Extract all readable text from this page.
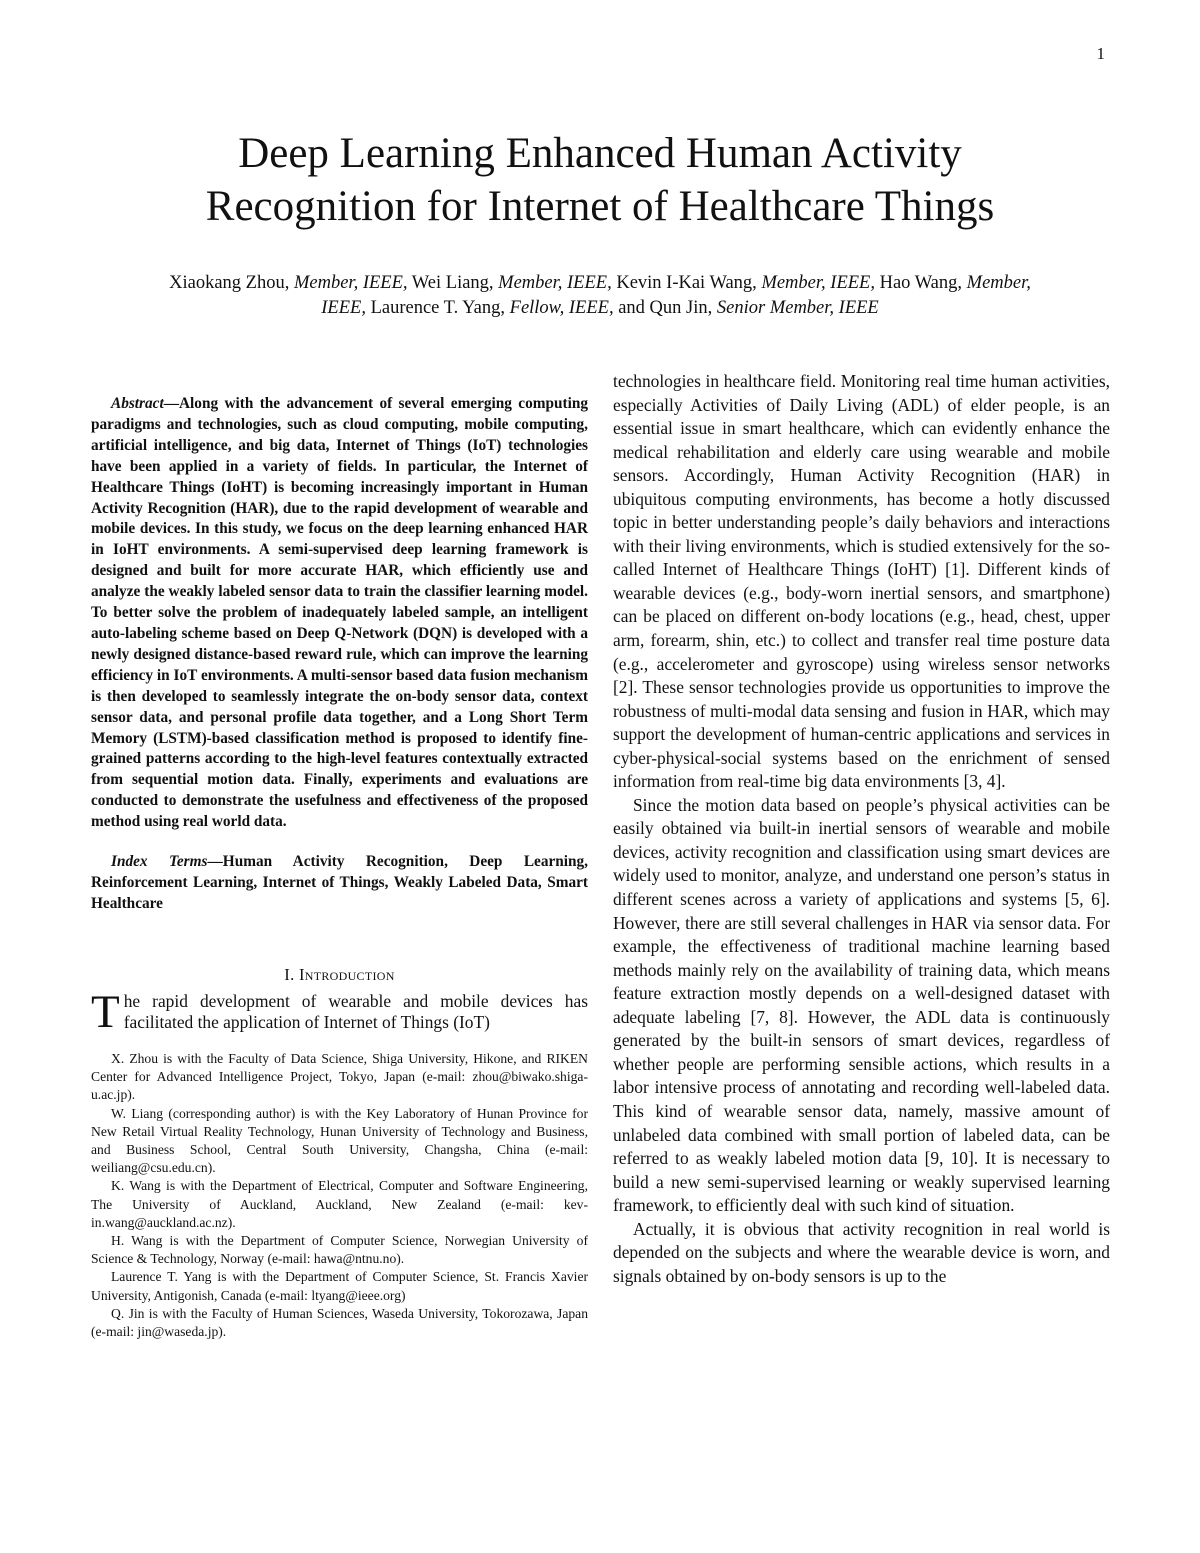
1
Deep Learning Enhanced Human Activity
Recognition for Internet of Healthcare Things
Xiaokang Zhou, Member, IEEE, Wei Liang, Member, IEEE, Kevin I-Kai Wang, Member, IEEE, Hao Wang, Member, IEEE, Laurence T. Yang, Fellow, IEEE, and Qun Jin, Senior Member, IEEE

Abstract—Along with the advancement of several emerging computing paradigms and technologies, such as cloud computing, mobile computing, artificial intelligence, and big data, Internet of Things (IoT) technologies have been applied in a variety of fields. In particular, the Internet of Healthcare Things (IoHT) is becoming increasingly important in Human Activity Recognition (HAR), due to the rapid development of wearable and mobile devices. In this study, we focus on the deep learning enhanced HAR in IoHT environments. A semi-supervised deep learning framework is designed and built for more accurate HAR, which efficiently use and analyze the weakly labeled sensor data to train the classifier learning model. To better solve the problem of inadequately labeled sample, an intelligent auto-labeling scheme based on Deep Q-Network (DQN) is developed with a newly designed distance-based reward rule, which can improve the learning efficiency in IoT environments. A multi-sensor based data fusion mechanism is then developed to seamlessly integrate the on-body sensor data, context sensor data, and personal profile data together, and a Long Short Term Memory (LSTM)-based classification method is proposed to identify fine-grained patterns according to the high-level features contextually extracted from sequential motion data. Finally, experiments and evaluations are conducted to demonstrate the usefulness and effectiveness of the proposed method using real world data.

Index Terms—Human Activity Recognition, Deep Learning, Reinforcement Learning, Internet of Things, Weakly Labeled Data, Smart Healthcare

I. Introduction

The rapid development of wearable and mobile devices has facilitated the application of Internet of Things (IoT)

X. Zhou is with the Faculty of Data Science, Shiga University, Hikone, and RIKEN Center for Advanced Intelligence Project, Tokyo, Japan (e-mail: zhou@biwako.shiga-u.ac.jp).

W. Liang (corresponding author) is with the Key Laboratory of Hunan Province for New Retail Virtual Reality Technology, Hunan University of Technology and Business, and Business School, Central South University, Changsha, China (e-mail: weiliang@csu.edu.cn).

K. Wang is with the Department of Electrical, Computer and Software Engineering, The University of Auckland, Auckland, New Zealand (e-mail: kev-in.wang@auckland.ac.nz).

H. Wang is with the Department of Computer Science, Norwegian University of Science & Technology, Norway (e-mail: hawa@ntnu.no).

Laurence T. Yang is with the Department of Computer Science, St. Francis Xavier University, Antigonish, Canada (e-mail: ltyang@ieee.org)

Q. Jin is with the Faculty of Human Sciences, Waseda University, Tokorozawa, Japan (e-mail: jin@waseda.jp).

technologies in healthcare field. Monitoring real time human activities, especially Activities of Daily Living (ADL) of elder people, is an essential issue in smart healthcare, which can evidently enhance the medical rehabilitation and elderly care using wearable and mobile sensors. Accordingly, Human Activity Recognition (HAR) in ubiquitous computing environments, has become a hotly discussed topic in better understanding people’s daily behaviors and interactions with their living environments, which is studied extensively for the so-called Internet of Healthcare Things (IoHT) [1]. Different kinds of wearable devices (e.g., body-worn inertial sensors, and smartphone) can be placed on different on-body locations (e.g., head, chest, upper arm, forearm, shin, etc.) to collect and transfer real time posture data (e.g., accelerometer and gyroscope) using wireless sensor networks [2]. These sensor technologies provide us opportunities to improve the robustness of multi-modal data sensing and fusion in HAR, which may support the development of human-centric applications and services in cyber-physical-social systems based on the enrichment of sensed information from real-time big data environments [3, 4].

Since the motion data based on people’s physical activities can be easily obtained via built-in inertial sensors of wearable and mobile devices, activity recognition and classification using smart devices are widely used to monitor, analyze, and understand one person’s status in different scenes across a variety of applications and systems [5, 6]. However, there are still several challenges in HAR via sensor data. For example, the effectiveness of traditional machine learning based methods mainly rely on the availability of training data, which means feature extraction mostly depends on a well-designed dataset with adequate labeling [7, 8]. However, the ADL data is continuously generated by the built-in sensors of smart devices, regardless of whether people are performing sensible actions, which results in a labor intensive process of annotating and recording well-labeled data. This kind of wearable sensor data, namely, massive amount of unlabeled data combined with small portion of labeled data, can be referred to as weakly labeled motion data [9, 10]. It is necessary to build a new semi-supervised learning or weakly supervised learning framework, to efficiently deal with such kind of situation.

Actually, it is obvious that activity recognition in real world is depended on the subjects and where the wearable device is worn, and signals obtained by on-body sensors is up to the
